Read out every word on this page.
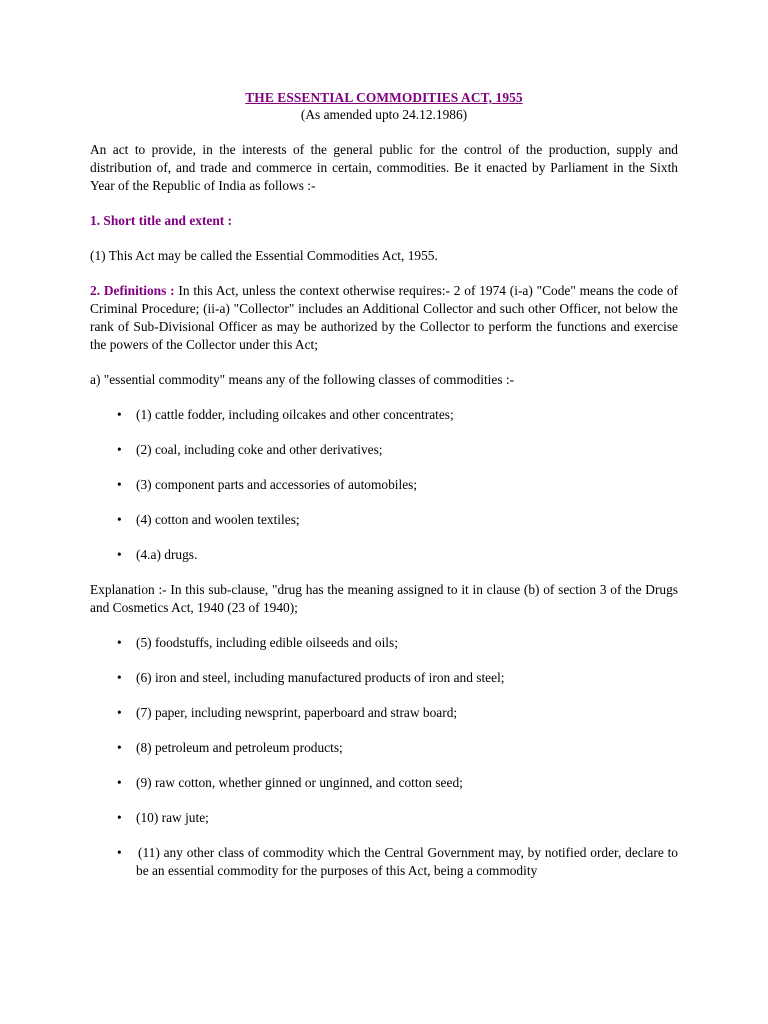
THE ESSENTIAL COMMODITIES ACT, 1955

(As amended upto 24.12.1986)

An act to provide, in the interests of the general public for the control of the production, supply and distribution of, and trade and commerce in certain, commodities. Be it enacted by Parliament in the Sixth Year of the Republic of India as follows :-

1. Short title and extent :

(1) This Act may be called the Essential Commodities Act, 1955.

2. Definitions : In this Act, unless the context otherwise requires:- 2 of 1974 (i-a) "Code" means the code of Criminal Procedure; (ii-a) "Collector" includes an Additional Collector and such other Officer, not below the rank of Sub-Divisional Officer as may be authorized by the Collector to perform the functions and exercise the powers of the Collector under this Act;

a) "essential commodity" means any of the following classes of commodities :-

• (1) cattle fodder, including oilcakes and other concentrates;
• (2) coal, including coke and other derivatives;
• (3) component parts and accessories of automobiles;
• (4) cotton and woolen textiles;
• (4.a) drugs.

Explanation :- In this sub-clause, "drug has the meaning assigned to it in clause (b) of section 3 of the Drugs and Cosmetics Act, 1940 (23 of 1940);

• (5) foodstuffs, including edible oilseeds and oils;
• (6) iron and steel, including manufactured products of iron and steel;
• (7) paper, including newsprint, paperboard and straw board;
• (8) petroleum and petroleum products;
• (9) raw cotton, whether ginned or unginned, and cotton seed;
• (10) raw jute;
• (11) any other class of commodity which the Central Government may, by notified order, declare to be an essential commodity for the purposes of this Act, being a commodity
